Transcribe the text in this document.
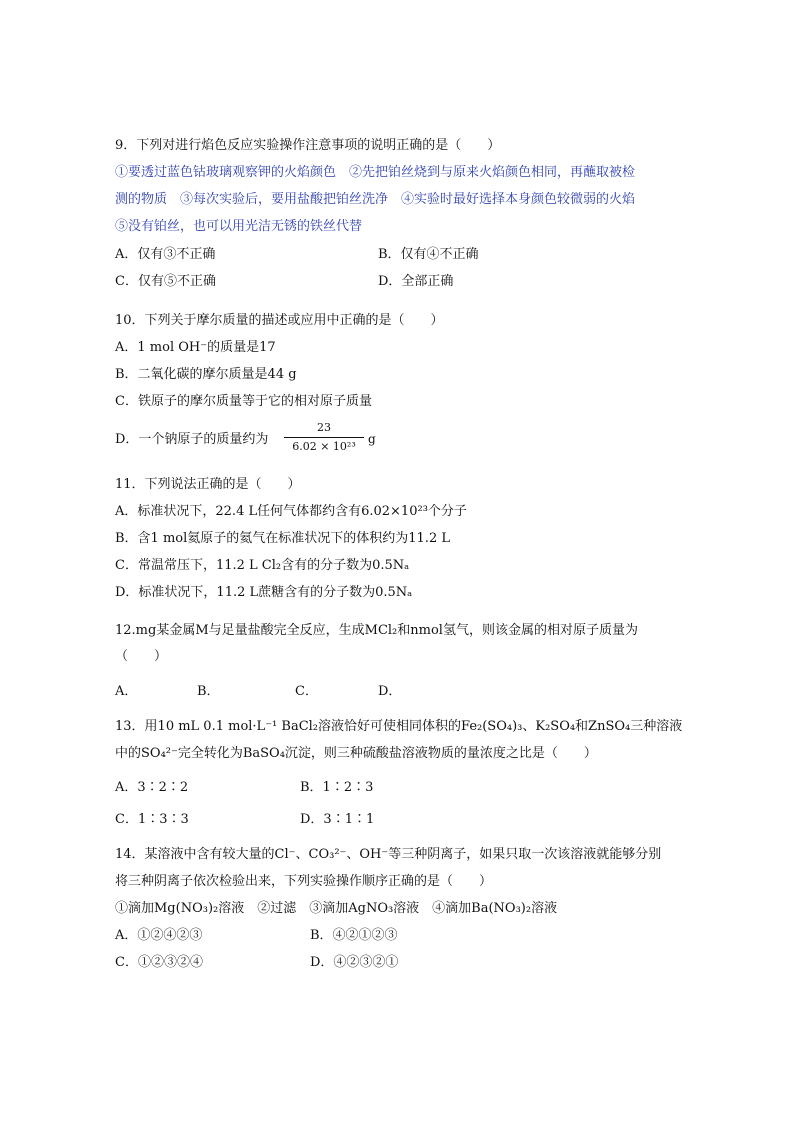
9．下列对进行焰色反应实验操作注意事项的说明正确的是（　　）
①要透过蓝色钴玻璃观察钾的火焰颜色　②先把铂丝烧到与原来火焰颜色相同，再蘸取被检
测的物质　③每次实验后，要用盐酸把铂丝洗净　④实验时最好选择本身颜色较微弱的火焰
⑤没有铂丝，也可以用光洁无锈的铁丝代替
A．仅有③不正确	B．仅有④不正确
C．仅有⑤不正确	D．全部正确
10．下列关于摩尔质量的描述或应用中正确的是（　　）
A．1 mol OH⁻的质量是17
B．二氧化碳的摩尔质量是44 g
C．铁原子的摩尔质量等于它的相对原子质量
D．一个钠原子的质量约为
23
6.02 × 10²³
g
11．下列说法正确的是（　　）
A．标准状况下，22.4 L任何气体都约含有6.02×10²³个分子
B．含1 mol氦原子的氦气在标准状况下的体积约为11.2 L
C．常温常压下，11.2 L Cl₂含有的分子数为0.5Nₐ
D．标准状况下，11.2 L蔗糖含有的分子数为0.5Nₐ
12.mg某金属M与足量盐酸完全反应，生成MCl₂和nmol氢气，则该金属的相对原子质量为
（　　）
A．	B．	C．	D．
13．用10 mL 0.1 mol·L⁻¹ BaCl₂溶液恰好可使相同体积的Fe₂(SO₄)₃、K₂SO₄和ZnSO₄三种溶液
中的SO₄²⁻完全转化为BaSO₄沉淀，则三种硫酸盐溶液物质的量浓度之比是（　　）
A．3∶2∶2	B．1∶2∶3
C．1∶3∶3	D．3∶1∶1
14．某溶液中含有较大量的Cl⁻、CO₃²⁻、OH⁻等三种阴离子，如果只取一次该溶液就能够分别
将三种阴离子依次检验出来，下列实验操作顺序正确的是（　　）
①滴加Mg(NO₃)₂溶液　②过滤　③滴加AgNO₃溶液　④滴加Ba(NO₃)₂溶液
A．①②④②③	B．④②①②③
C．①②③②④	D．④②③②①
